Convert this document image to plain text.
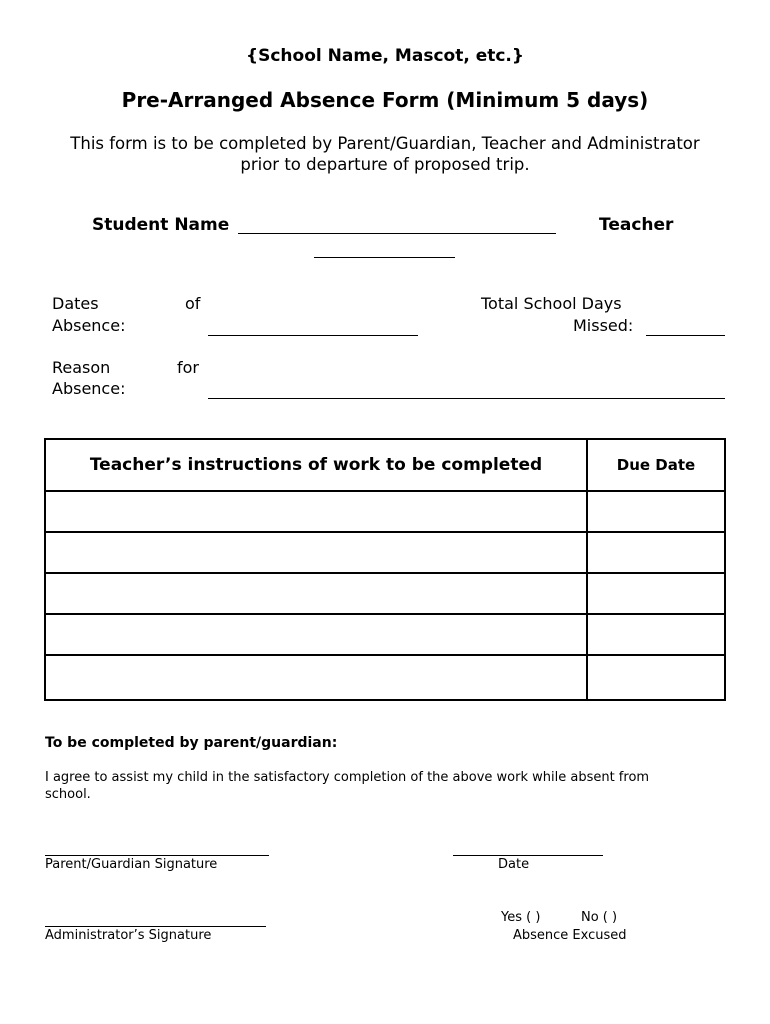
{School Name, Mascot, etc.}
Pre-Arranged Absence Form (Minimum 5 days)
This form is to be completed by Parent/Guardian, Teacher and Administrator
prior to departure of proposed trip.
Student Name	Teacher
Dates	of
Absence:
Total School Days
Missed:
Reason	for
Absence:
Teacher’s instructions of work to be completed	Due Date

To be completed by parent/guardian:
I agree to assist my child in the satisfactory completion of the above work while absent from
school.
Parent/Guardian Signature	Date
Administrator’s Signature
Yes ( )	No ( )
Absence Excused
